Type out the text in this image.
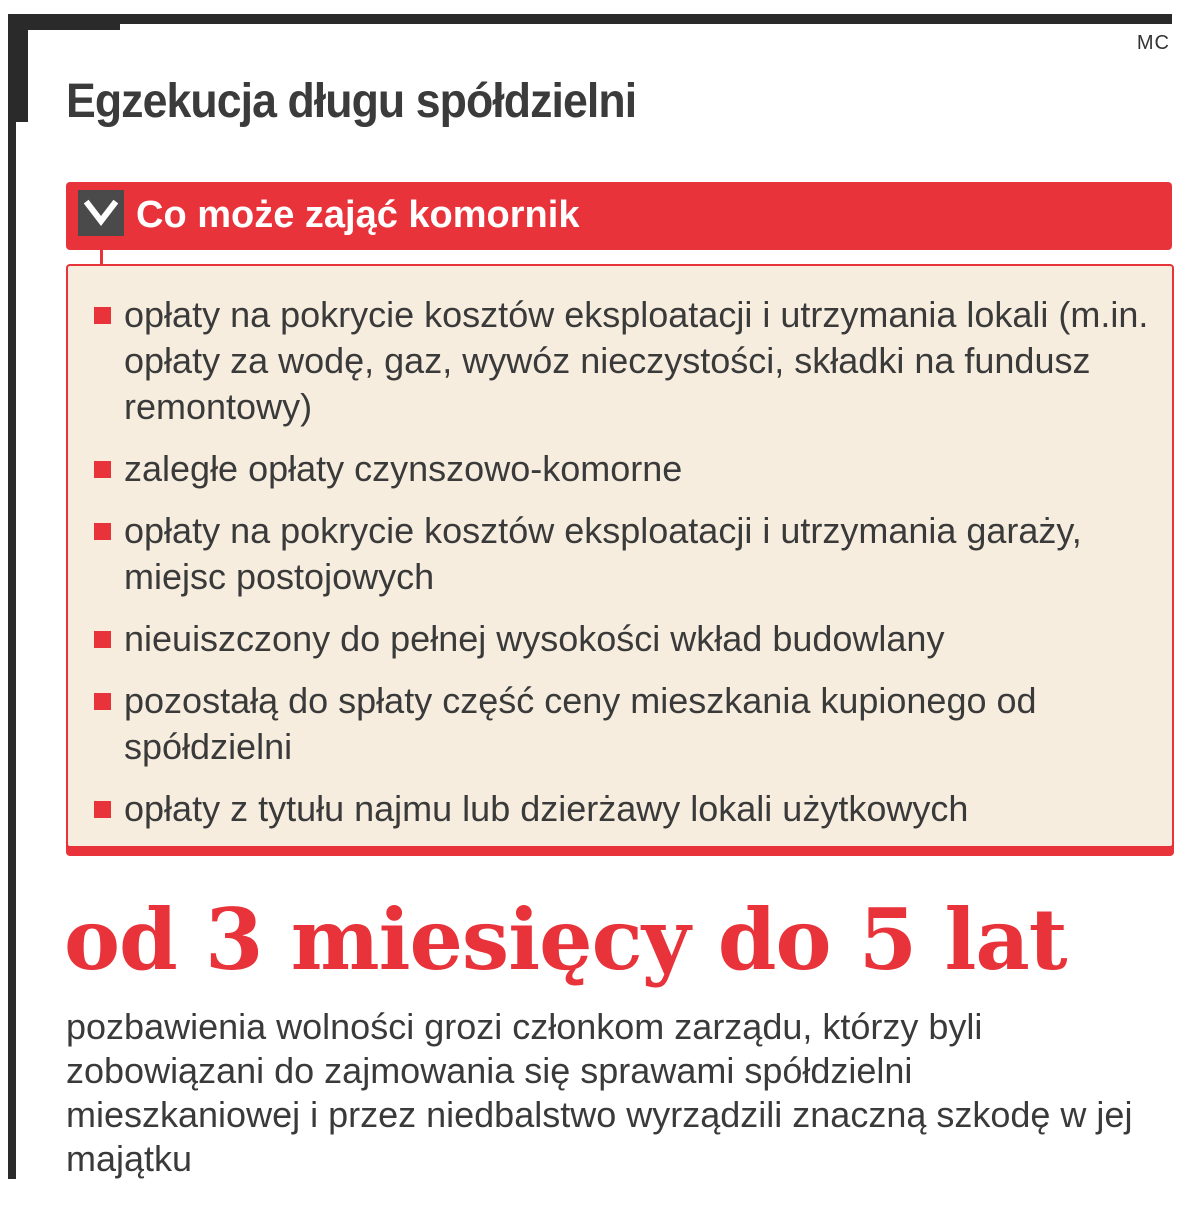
MC
Egzekucja długu spółdzielni
Co może zająć komornik
opłaty na pokrycie kosztów eksploatacji i utrzymania lokali (m.in. opłaty za wodę, gaz, wywóz nieczystości, składki na fundusz remontowy)
zaległe opłaty czynszowo-komorne
opłaty na pokrycie kosztów eksploatacji i utrzymania garaży, miejsc postojowych
nieuiszczony do pełnej wysokości wkład budowlany
pozostałą do spłaty część ceny mieszkania kupionego od spółdzielni
opłaty z tytułu najmu lub dzierżawy lokali użytkowych
od 3 miesięcy do 5 lat

pozbawienia wolności grozi członkom zarządu, którzy byli zobowiązani do zajmowania się sprawami spółdzielni mieszkaniowej i przez niedbalstwo wyrządzili znaczną szkodę w jej majątku
